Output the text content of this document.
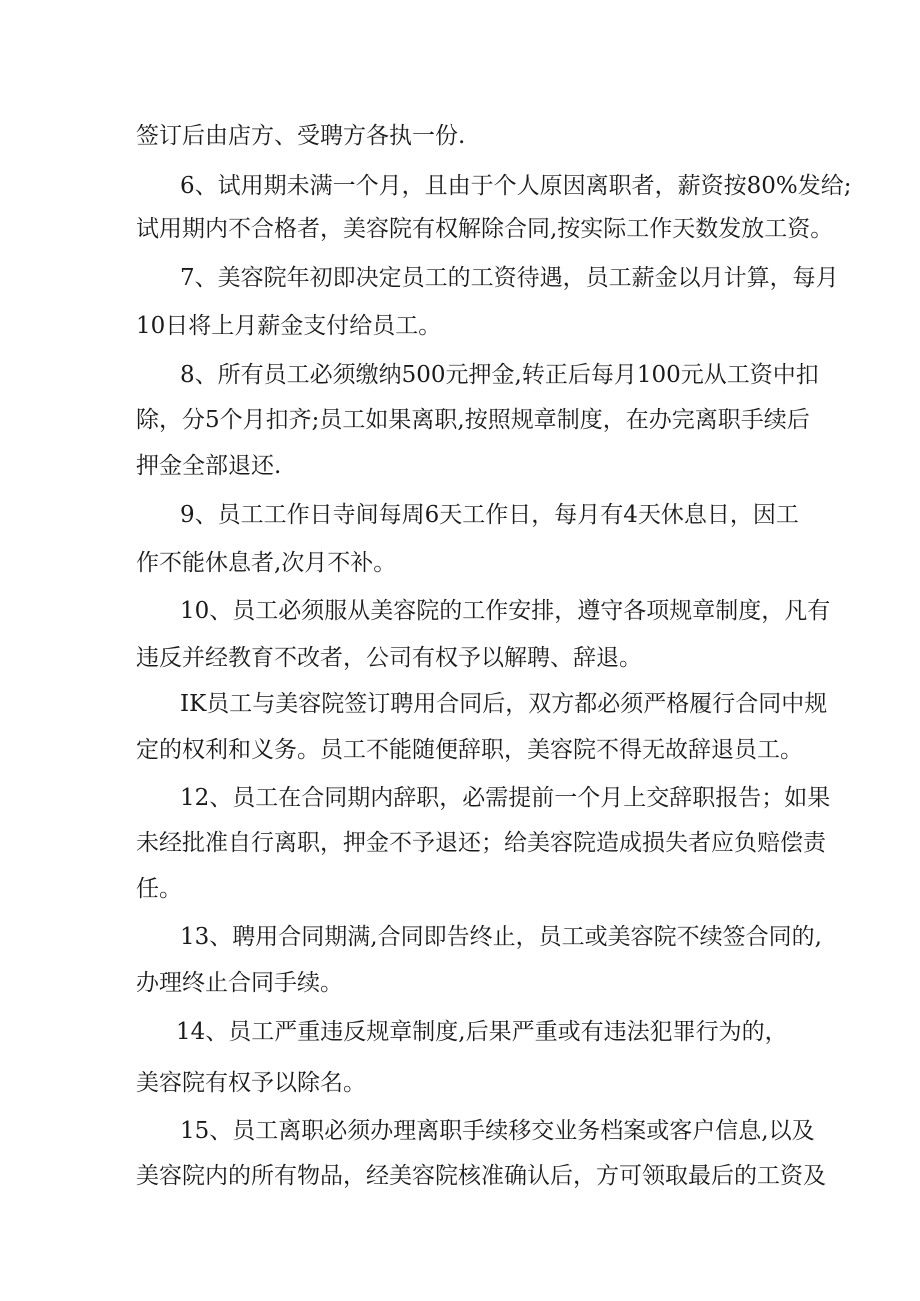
签订后由店方、受聘方各执一份.
6、试用期未满一个月，且由于个人原因离职者，薪资按80%发给;
试用期内不合格者，美容院有权解除合同,按实际工作天数发放工资。
7、美容院年初即决定员工的工资待遇，员工薪金以月计算，每月
10日将上月薪金支付给员工。
8、所有员工必须缴纳500元押金,转正后每月100元从工资中扣
除，分5个月扣齐;员工如果离职,按照规章制度，在办完离职手续后
押金全部退还.
9、员工工作日寺间每周6天工作日，每月有4天休息日，因工
作不能休息者,次月不补。
10、员工必须服从美容院的工作安排，遵守各项规章制度，凡有
违反并经教育不改者，公司有权予以解聘、辞退。
IK员工与美容院签订聘用合同后，双方都必须严格履行合同中规
定的权利和义务。员工不能随便辞职，美容院不得无故辞退员工。
12、员工在合同期内辞职，必需提前一个月上交辞职报告；如果
未经批准自行离职，押金不予退还；给美容院造成损失者应负赔偿责
任。
13、聘用合同期满,合同即告终止，员工或美容院不续签合同的,
办理终止合同手续。
14、员工严重违反规章制度,后果严重或有违法犯罪行为的，
美容院有权予以除名。
15、员工离职必须办理离职手续移交业务档案或客户信息,以及
美容院内的所有物品，经美容院核准确认后，方可领取最后的工资及
